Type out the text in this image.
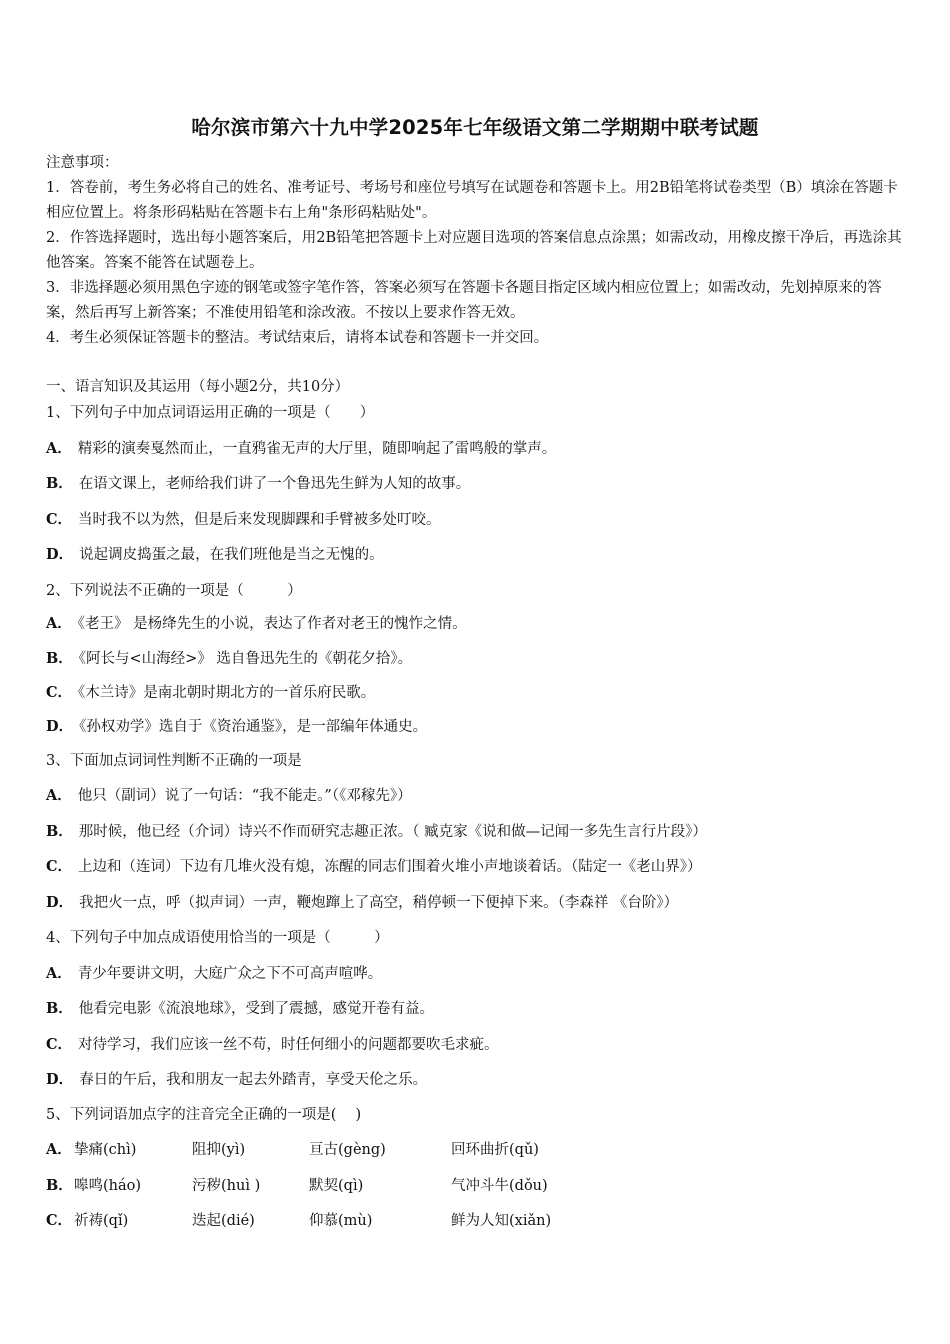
哈尔滨市第六十九中学2025年七年级语文第二学期期中联考试题

注意事项：

1．答卷前，考生务必将自己的姓名、准考证号、考场号和座位号填写在试题卷和答题卡上。用2B铅笔将试卷类型（B）填涂在答题卡相应位置上。将条形码粘贴在答题卡右上角"条形码粘贴处"。

2．作答选择题时，选出每小题答案后，用2B铅笔把答题卡上对应题目选项的答案信息点涂黑；如需改动，用橡皮擦干净后，再选涂其他答案。答案不能答在试题卷上。

3．非选择题必须用黑色字迹的钢笔或签字笔作答，答案必须写在答题卡各题目指定区域内相应位置上；如需改动，先划掉原来的答案，然后再写上新答案；不准使用铅笔和涂改液。不按以上要求作答无效。

4．考生必须保证答题卡的整洁。考试结束后，请将本试卷和答题卡一并交回。

一、语言知识及其运用（每小题2分，共10分）
1、下列句子中加点词语运用正确的一项是（　　）
A． 精彩的演奏戛然而止，一直鸦雀无声的大厅里，随即响起了雷鸣般的掌声。
B． 在语文课上，老师给我们讲了一个鲁迅先生鲜为人知的故事。
C． 当时我不以为然，但是后来发现脚踝和手臂被多处叮咬。
D． 说起调皮捣蛋之最，在我们班他是当之无愧的。
2、下列说法不正确的一项是（　　　）
A． 《老王》 是杨绛先生的小说，表达了作者对老王的愧怍之情。
B． 《阿长与<山海经>》 选自鲁迅先生的《朝花夕拾》。
C． 《木兰诗》是南北朝时期北方的一首乐府民歌。
D． 《孙权劝学》选自于《资治通鉴》，是一部编年体通史。
3、下面加点词词性判断不正确的一项是
A． 他只（副词）说了一句话：“我不能走。”（《邓稼先》）
B． 那时候，他已经（介词）诗兴不作而研究志趣正浓。（ 臧克家《说和做—记闻一多先生言行片段》）
C． 上边和（连词）下边有几堆火没有熄，冻醒的同志们围着火堆小声地谈着话。（陆定一《老山界》）
D． 我把火一点，呼（拟声词）一声，鞭炮蹿上了高空，稍停顿一下便掉下来。（李森祥 《台阶》）
4、下列句子中加点成语使用恰当的一项是（　　　）
A． 青少年要讲文明，大庭广众之下不可高声喧哗。
B． 他看完电影《流浪地球》，受到了震撼，感觉开卷有益。
C． 对待学习，我们应该一丝不苟，时任何细小的问题都要吹毛求疵。
D． 春日的午后，我和朋友一起去外踏青，享受天伦之乐。
5、下列词语加点字的注音完全正确的一项是(　 )
A． 挚痛(chì)	阻抑(yì)	亘古(gèng)	回环曲折(qǔ)
B． 嗥鸣(háo)	污秽(huì )	默契(qì)	气冲斗牛(dǒu)
C． 祈祷(qǐ)	迭起(dié)	仰慕(mù)	鲜为人知(xiǎn)
